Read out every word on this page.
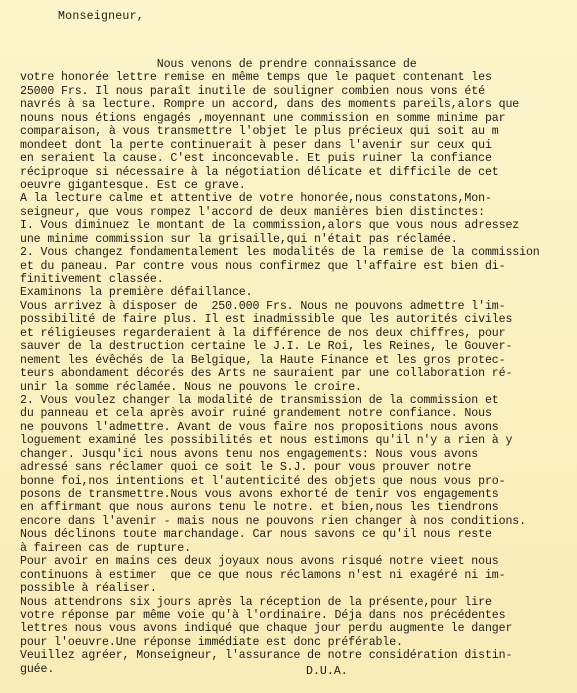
Monseigneur,
Nous venons de prendre connaissance de
votre honorée lettre remise en même temps que le paquet contenant les
25000 Frs. Il nous paraît inutile de souligner combien nous vons été
navrés à sa lecture. Rompre un accord, dans des moments pareils,alors que
nouns nous étions engagés ,moyennant une commission en somme minime par
comparaison, à vous transmettre l'objet le plus précieux qui soit au m
mondeet dont la perte continuerait à peser dans l'avenir sur ceux qui
en seraient la cause. C'est inconcevable. Et puis ruiner la confiance
réciproque si nécessaire à la négotiation délicate et difficile de cet
oeuvre gigantesque. Est ce grave.
A la lecture calme et attentive de votre honorée,nous constatons,Mon-
seigneur, que vous rompez l'accord de deux manières bien distinctes:
I. Vous diminuez le montant de la commission,alors que vous nous adressez
une minime commission sur la grisaille,qui n'était pas réclamée.
2. Vous changez fondamentalement les modalités de la remise de la commission
et du paneau. Par contre vous nous confirmez que l'affaire est bien di-
finitivement classée.
Examinons la première défaillance.
Vous arrivez à disposer de  250.000 Frs. Nous ne pouvons admettre l'im-
possibilité de faire plus. Il est inadmissible que les autorités civiles
et réligieuses regarderaient à la différence de nos deux chiffres, pour
sauver de la destruction certaine le J.I. Le Roi, les Reines, le Gouver-
nement les évêchés de la Belgique, la Haute Finance et les gros protec-
teurs abondament décorés des Arts ne sauraient par une collaboration ré-
unir la somme réclamée. Nous ne pouvons le croire.
2. Vous voulez changer la modalité de transmission de la commission et
du panneau et cela après avoir ruiné grandement notre confiance. Nous
ne pouvons l'admettre. Avant de vous faire nos propositions nous avons
loguement examiné les possibilités et nous estimons qu'il n'y a rien à y
changer. Jusqu'ici nous avons tenu nos engagements: Nous vous avons
adressé sans réclamer quoi ce soit le S.J. pour vous prouver notre
bonne foi,nos intentions et l'autenticité des objets que nous vous pro-
posons de transmettre.Nous vous avons exhorté de tenir vos engagements
en affirmant que nous aurons tenu le notre. et bien,nous les tiendrons
encore dans l'avenir - mais nous ne pouvons rien changer à nos conditions.
Nous déclinons toute marchandage. Car nous savons ce qu'il nous reste
à faireen cas de rupture.
Pour avoir en mains ces deux joyaux nous avons risqué notre vieet nous
continuons à estimer  que ce que nous réclamons n'est ni exagéré ni im-
possible à réaliser.
Nous attendrons six jours après la réception de la présente,pour lire
votre réponse par même voie qu'à l'ordinaire. Déja dans nos précédentes
lettres nous vous avons indiqué que chaque jour perdu augmente le danger
pour l'oeuvre.Une réponse immédiate est donc préférable.
Veuillez agréer, Monseigneur, l'assurance de notre considération distin-
guée.	D.U.A.
